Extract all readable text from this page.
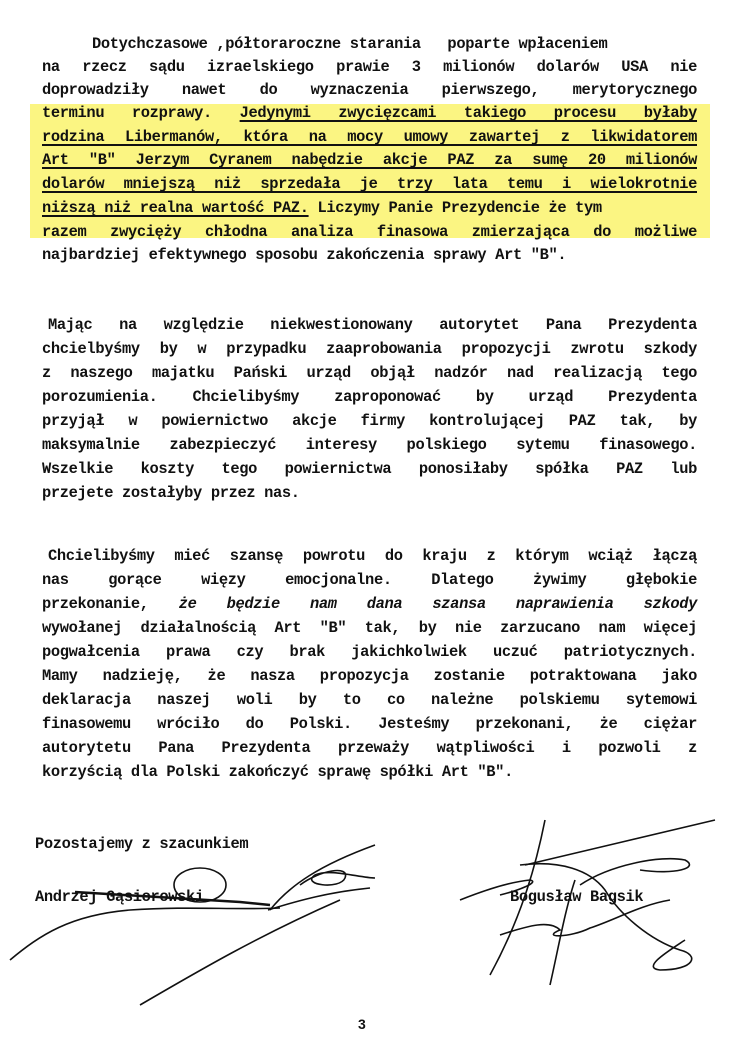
Dotychczasowe ,półtoraroczne starania   poparte wpłaceniem
na rzecz sądu izraelskiego prawie 3 milionów dolarów USA nie
doprowadziły nawet do wyznaczenia pierwszego, merytorycznego
terminu rozprawy. Jedynymi zwycięzcami takiego procesu byłaby
rodzina Libermanów, która na mocy umowy zawartej z likwidatorem
Art "B" Jerzym Cyranem nabędzie akcje PAZ za sumę 20 milionów
dolarów mniejszą niż sprzedała je trzy lata temu i wielokrotnie
niższą niż realna wartość PAZ. Liczymy Panie Prezydencie że tym
razem zwycięży chłodna analiza finasowa zmierzająca do możliwe
najbardziej efektywnego sposobu zakończenia sprawy Art "B".
Mając na względzie niekwestionowany autorytet Pana Prezydenta
chcielbyśmy by w przypadku zaaprobowania propozycji zwrotu szkody
z naszego majatku Pański urząd objął nadzór nad realizacją tego
porozumienia. Chcielibyśmy zaproponować by urząd Prezydenta
przyjął w powiernictwo akcje firmy kontrolującej PAZ tak, by
maksymalnie zabezpieczyć interesy polskiego sytemu finasowego.
Wszelkie koszty tego powiernictwa ponosiłaby spółka PAZ lub
przejete zostałyby przez nas.
Chcielibyśmy mieć szansę powrotu do kraju z którym wciąż łączą
nas gorące więzy emocjonalne. Dlatego żywimy głębokie
przekonanie, że będzie nam dana szansa naprawienia szkody
wywołanej działalnością Art "B" tak, by nie zarzucano nam więcej
pogwałcenia prawa czy brak jakichkolwiek uczuć patriotycznych.
Mamy nadzieję, że nasza propozycja zostanie potraktowana jako
deklaracja naszej woli by to co należne polskiemu sytemowi
finasowemu wróciło do Polski. Jesteśmy przekonani, że ciężar
autorytetu Pana Prezydenta przeważy wątpliwości i pozwoli z
korzyścią dla Polski zakończyć sprawę spółki Art "B".
Pozostajemy z szacunkiem
Andrzej Gąsiorowski	Bogusław Bagsik
3
